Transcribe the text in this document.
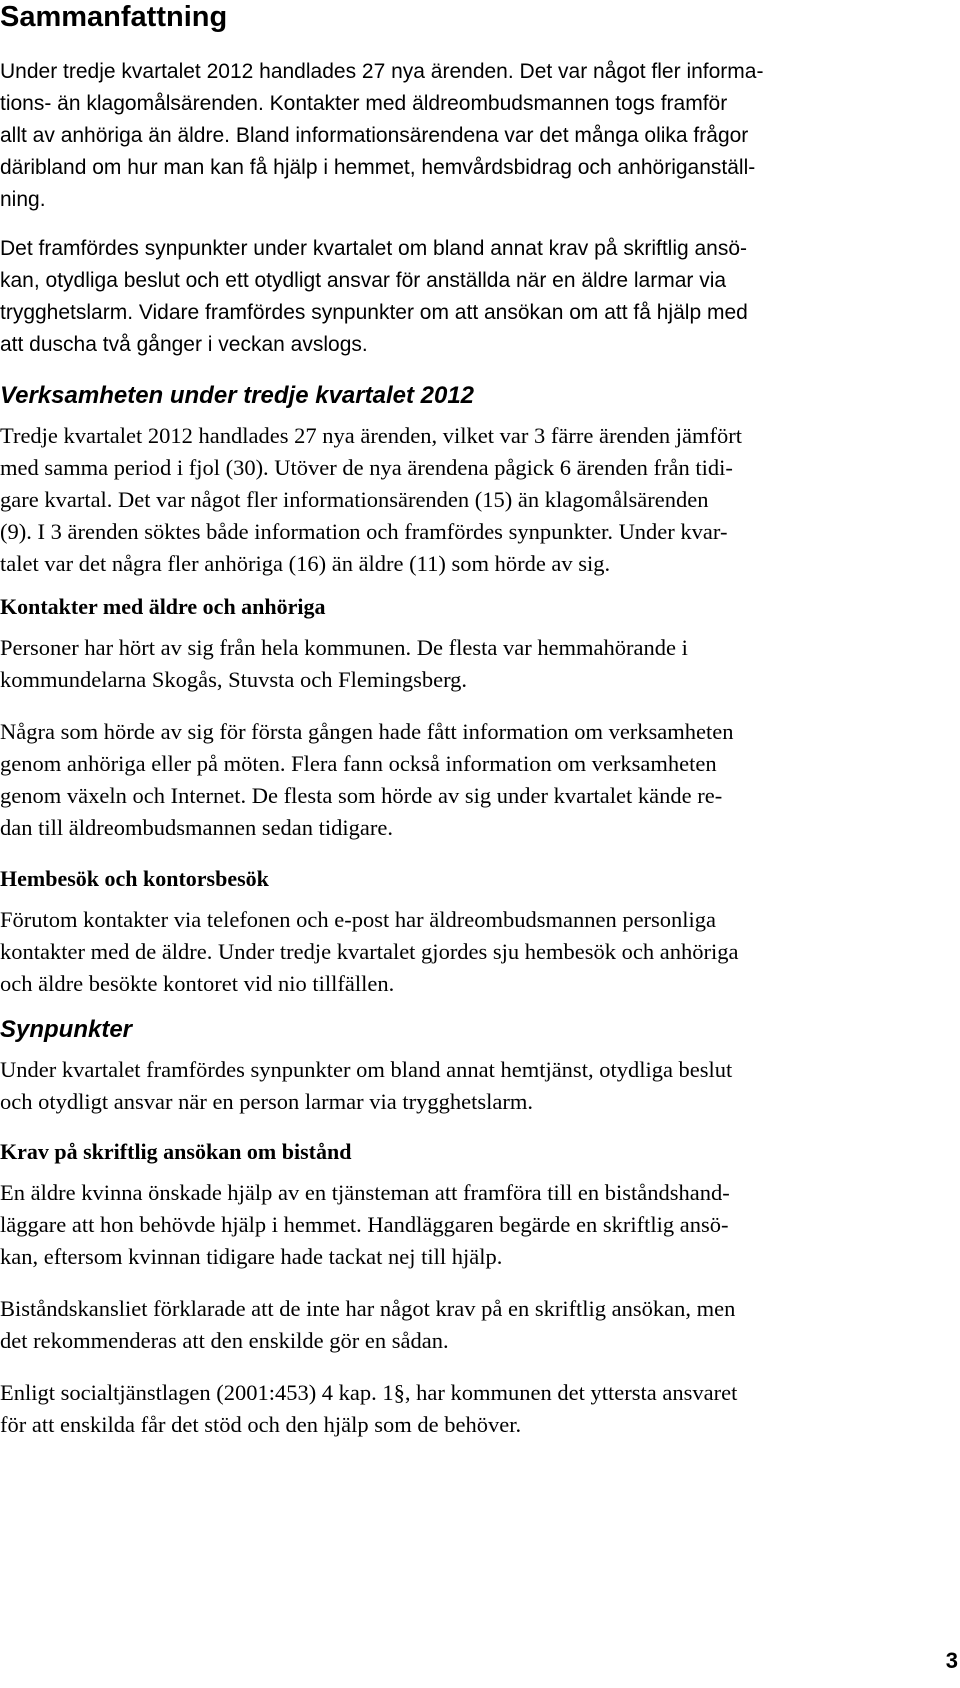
Sammanfattning

Under tredje kvartalet 2012 handlades 27 nya ärenden. Det var något fler informa-
tions- än klagomålsärenden. Kontakter med äldreombudsmannen togs framför
allt av anhöriga än äldre. Bland informationsärendena var det många olika frågor
däribland om hur man kan få hjälp i hemmet, hemvårdsbidrag och anhöriganställ-
ning.

Det framfördes synpunkter under kvartalet om bland annat krav på skriftlig ansö-
kan, otydliga beslut och ett otydligt ansvar för anställda när en äldre larmar via
trygghetslarm. Vidare framfördes synpunkter om att ansökan om att få hjälp med
att duscha två gånger i veckan avslogs.

Verksamheten under tredje kvartalet 2012

Tredje kvartalet 2012 handlades 27 nya ärenden, vilket var 3 färre ärenden jämfört
med samma period i fjol (30). Utöver de nya ärendena pågick 6 ärenden från tidi-
gare kvartal. Det var något fler informationsärenden (15) än klagomålsärenden
(9). I 3 ärenden söktes både information och framfördes synpunkter. Under kvar-
talet var det några fler anhöriga (16) än äldre (11) som hörde av sig.

Kontakter med äldre och anhöriga

Personer har hört av sig från hela kommunen. De flesta var hemmahörande i
kommundelarna Skogås, Stuvsta och Flemingsberg.

Några som hörde av sig för första gången hade fått information om verksamheten
genom anhöriga eller på möten. Flera fann också information om verksamheten
genom växeln och Internet. De flesta som hörde av sig under kvartalet kände re-
dan till äldreombudsmannen sedan tidigare.

Hembesök och kontorsbesök

Förutom kontakter via telefonen och e-post har äldreombudsmannen personliga
kontakter med de äldre. Under tredje kvartalet gjordes sju hembesök och anhöriga
och äldre besökte kontoret vid nio tillfällen.

Synpunkter

Under kvartalet framfördes synpunkter om bland annat hemtjänst, otydliga beslut
och otydligt ansvar när en person larmar via trygghetslarm.

Krav på skriftlig ansökan om bistånd

En äldre kvinna önskade hjälp av en tjänsteman att framföra till en biståndshand-
läggare att hon behövde hjälp i hemmet. Handläggaren begärde en skriftlig ansö-
kan, eftersom kvinnan tidigare hade tackat nej till hjälp.

Biståndskansliet förklarade att de inte har något krav på en skriftlig ansökan, men
det rekommenderas att den enskilde gör en sådan.

Enligt socialtjänstlagen (2001:453) 4 kap. 1§, har kommunen det yttersta ansvaret
för att enskilda får det stöd och den hjälp som de behöver.

3
